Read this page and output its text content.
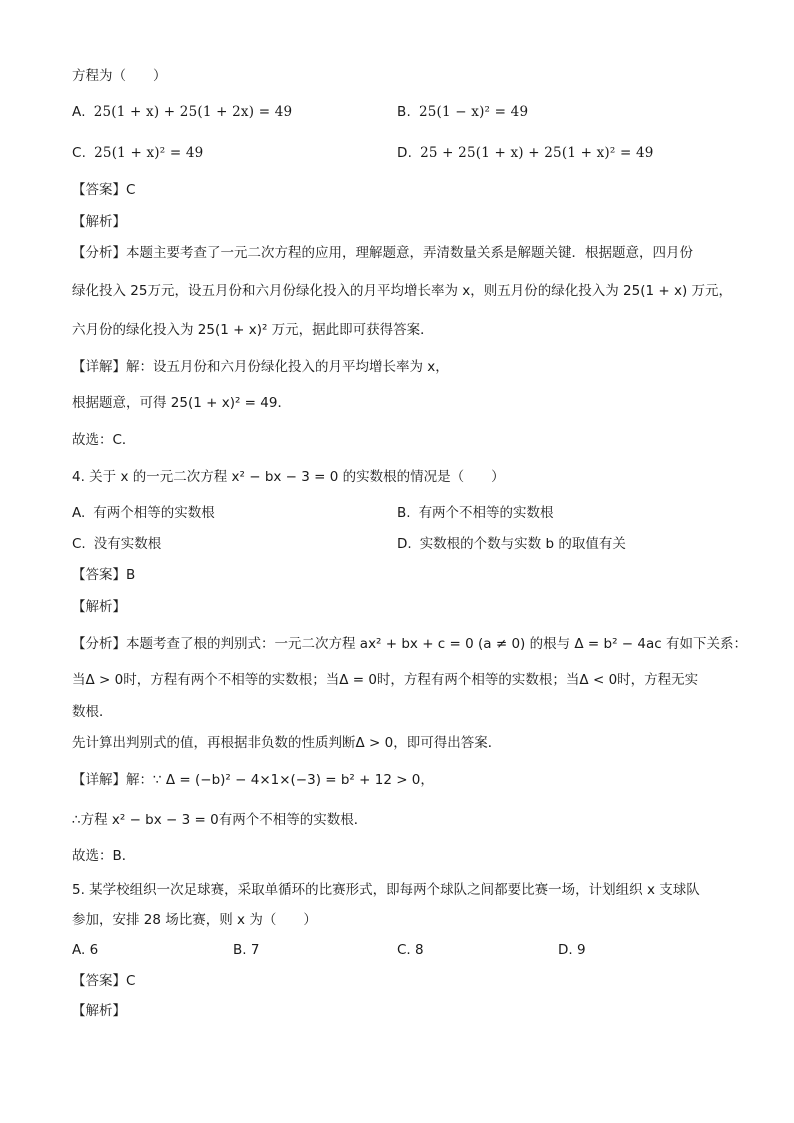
方程为（　　）
A. 25(1 + x) + 25(1 + 2x) = 49	B. 25(1 − x)² = 49
C. 25(1 + x)² = 49	D. 25 + 25(1 + x) + 25(1 + x)² = 49
【答案】C
【解析】
【分析】本题主要考查了一元二次方程的应用，理解题意，弄清数量关系是解题关键．根据题意，四月份
绿化投入 25万元，设五月份和六月份绿化投入的月平均增长率为 x，则五月份的绿化投入为 25(1 + x) 万元，
六月份的绿化投入为 25(1 + x)² 万元，据此即可获得答案．
【详解】解：设五月份和六月份绿化投入的月平均增长率为 x，
根据题意，可得 25(1 + x)² = 49．
故选：C．
4. 关于 x 的一元二次方程 x² − bx − 3 = 0 的实数根的情况是（　　）
A. 有两个相等的实数根	B. 有两个不相等的实数根
C. 没有实数根	D. 实数根的个数与实数 b 的取值有关
【答案】B
【解析】
【分析】本题考查了根的判别式：一元二次方程 ax² + bx + c = 0 (a ≠ 0) 的根与 Δ = b² − 4ac 有如下关系：
当Δ > 0时，方程有两个不相等的实数根；当Δ = 0时，方程有两个相等的实数根；当Δ < 0时，方程无实
数根．
先计算出判别式的值，再根据非负数的性质判断Δ > 0，即可得出答案．
【详解】解：∵ Δ = (−b)² − 4×1×(−3) = b² + 12 > 0，
∴方程 x² − bx − 3 = 0有两个不相等的实数根．
故选：B．
5. 某学校组织一次足球赛，采取单循环的比赛形式，即每两个球队之间都要比赛一场，计划组织 x 支球队
参加，安排 28 场比赛，则 x 为（　　）
A. 6	B. 7	C. 8	D. 9
【答案】C
【解析】
